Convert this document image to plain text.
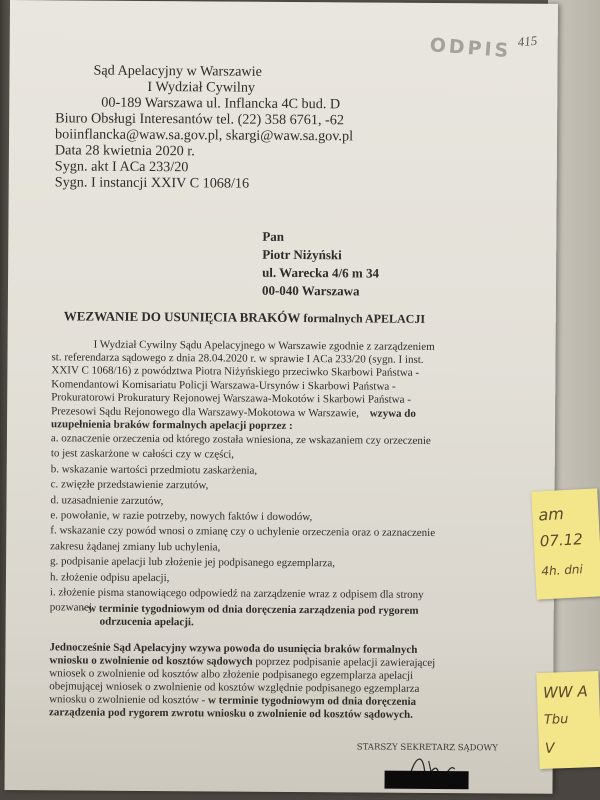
ODPIS 415
Sąd Apelacyjny w Warszawie
I Wydział Cywilny
00-189 Warszawa ul. Inflancka 4C bud. D
Biuro Obsługi Interesantów tel. (22) 358 6761, -62
boiinflancka@waw.sa.gov.pl, skargi@waw.sa.gov.pl
Data 28 kwietnia 2020 r.
Sygn. akt I ACa 233/20
Sygn. I instancji XXIV C 1068/16
Pan
Piotr Niżyński
ul. Warecka 4/6 m 34
00-040 Warszawa
WEZWANIE DO USUNIĘCIA BRAKÓW formalnych APELACJI
I Wydział Cywilny Sądu Apelacyjnego w Warszawie zgodnie z zarządzeniem
st. referendarza sądowego z dnia 28.04.2020 r. w sprawie I ACa 233/20 (sygn. I inst.
XXIV C 1068/16) z powództwa Piotra Niżyńskiego przeciwko Skarbowi Państwa -
Komendantowi Komisariatu Policji Warszawa-Ursynów i Skarbowi Państwa -
Prokuratorowi Prokuratury Rejonowej Warszawa-Mokotów i Skarbowi Państwa -
Prezesowi Sądu Rejonowego dla Warszawy-Mokotowa w Warszawie, wzywa do
uzupełnienia braków formalnych apelacji poprzez :
a. oznaczenie orzeczenia od którego została wniesiona, ze wskazaniem czy orzeczenie
to jest zaskarżone w całości czy w części,
b. wskazanie wartości przedmiotu zaskarżenia,
c. zwięzłe przedstawienie zarzutów,
d. uzasadnienie zarzutów,
e. powołanie, w razie potrzeby, nowych faktów i dowodów,
f. wskazanie czy powód wnosi o zmianę czy o uchylenie orzeczenia oraz o zaznaczenie
zakresu żądanej zmiany lub uchylenia,
g. podpisanie apelacji lub złożenie jej podpisanego egzemplarza,
h. złożenie odpisu apelacji,
i. złożenie pisma stanowiącego odpowiedź na zarządzenie wraz z odpisem dla strony
pozwanej
- w terminie tygodniowym od dnia doręczenia zarządzenia pod rygorem
odrzucenia apelacji.
Jednocześnie Sąd Apelacyjny wzywa powoda do usunięcia braków formalnych
wniosku o zwolnienie od kosztów sądowych poprzez podpisanie apelacji zawierającej
wniosek o zwolnienie od kosztów albo złożenie podpisanego egzemplarza apelacji
obejmującej wniosek o zwolnienie od kosztów względnie podpisanego egzemplarza
wniosku o zwolnienie od kosztów - w terminie tygodniowym od dnia doręczenia
zarządzenia pod rygorem zwrotu wniosku o zwolnienie od kosztów sądowych.
STARSZY SEKRETARZ SĄDOWY
am
07.12
4h. dni
WW A
Tbu
V
